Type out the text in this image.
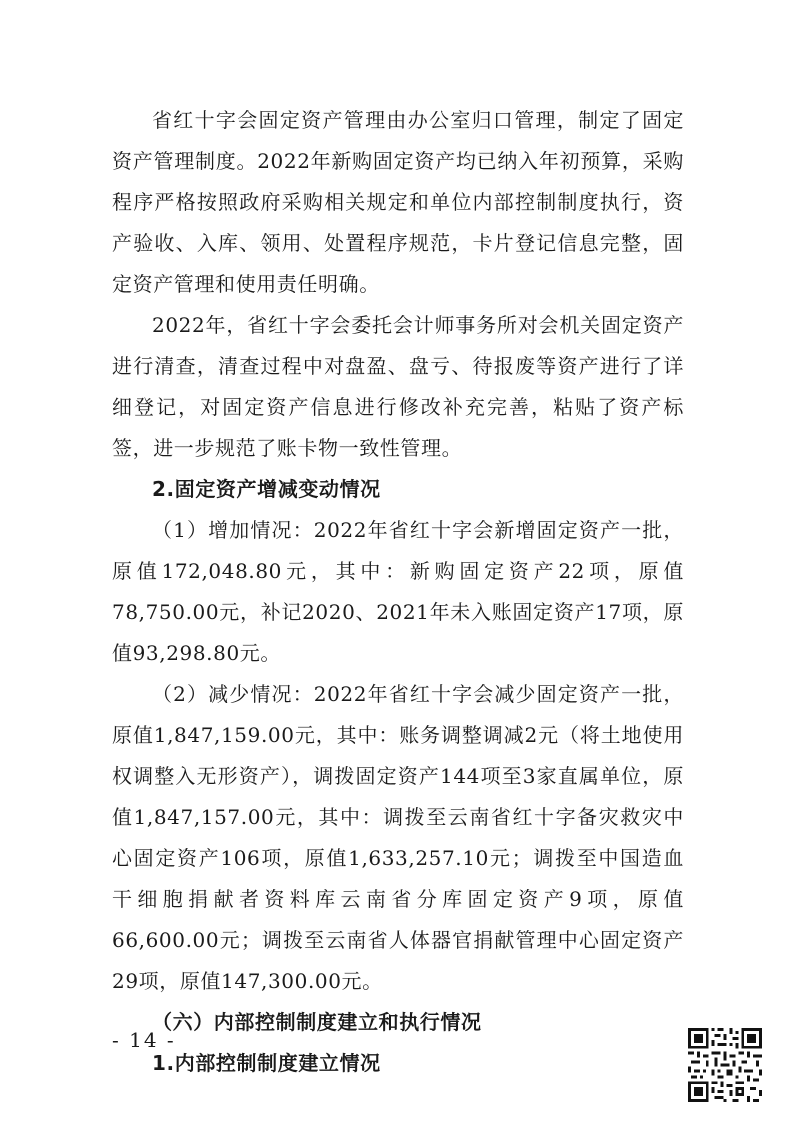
省红十字会固定资产管理由办公室归口管理，制定了固定资产管理制度。2022年新购固定资产均已纳入年初预算，采购程序严格按照政府采购相关规定和单位内部控制制度执行，资产验收、入库、领用、处置程序规范，卡片登记信息完整，固定资产管理和使用责任明确。

2022年，省红十字会委托会计师事务所对会机关固定资产进行清查，清查过程中对盘盈、盘亏、待报废等资产进行了详细登记，对固定资产信息进行修改补充完善，粘贴了资产标签，进一步规范了账卡物一致性管理。

2.固定资产增减变动情况

（1）增加情况：2022年省红十字会新增固定资产一批，原值172,048.80元，其中：新购固定资产22项，原值78,750.00元，补记2020、2021年未入账固定资产17项，原值93,298.80元。

（2）减少情况：2022年省红十字会减少固定资产一批，原值1,847,159.00元，其中：账务调整调减2元（将土地使用权调整入无形资产），调拨固定资产144项至3家直属单位，原值1,847,157.00元，其中：调拨至云南省红十字备灾救灾中心固定资产106项，原值1,633,257.10元；调拨至中国造血干细胞捐献者资料库云南省分库固定资产9项，原值66,600.00元；调拨至云南省人体器官捐献管理中心固定资产29项，原值147,300.00元。

（六）内部控制制度建立和执行情况

1.内部控制制度建立情况

- 14 -
